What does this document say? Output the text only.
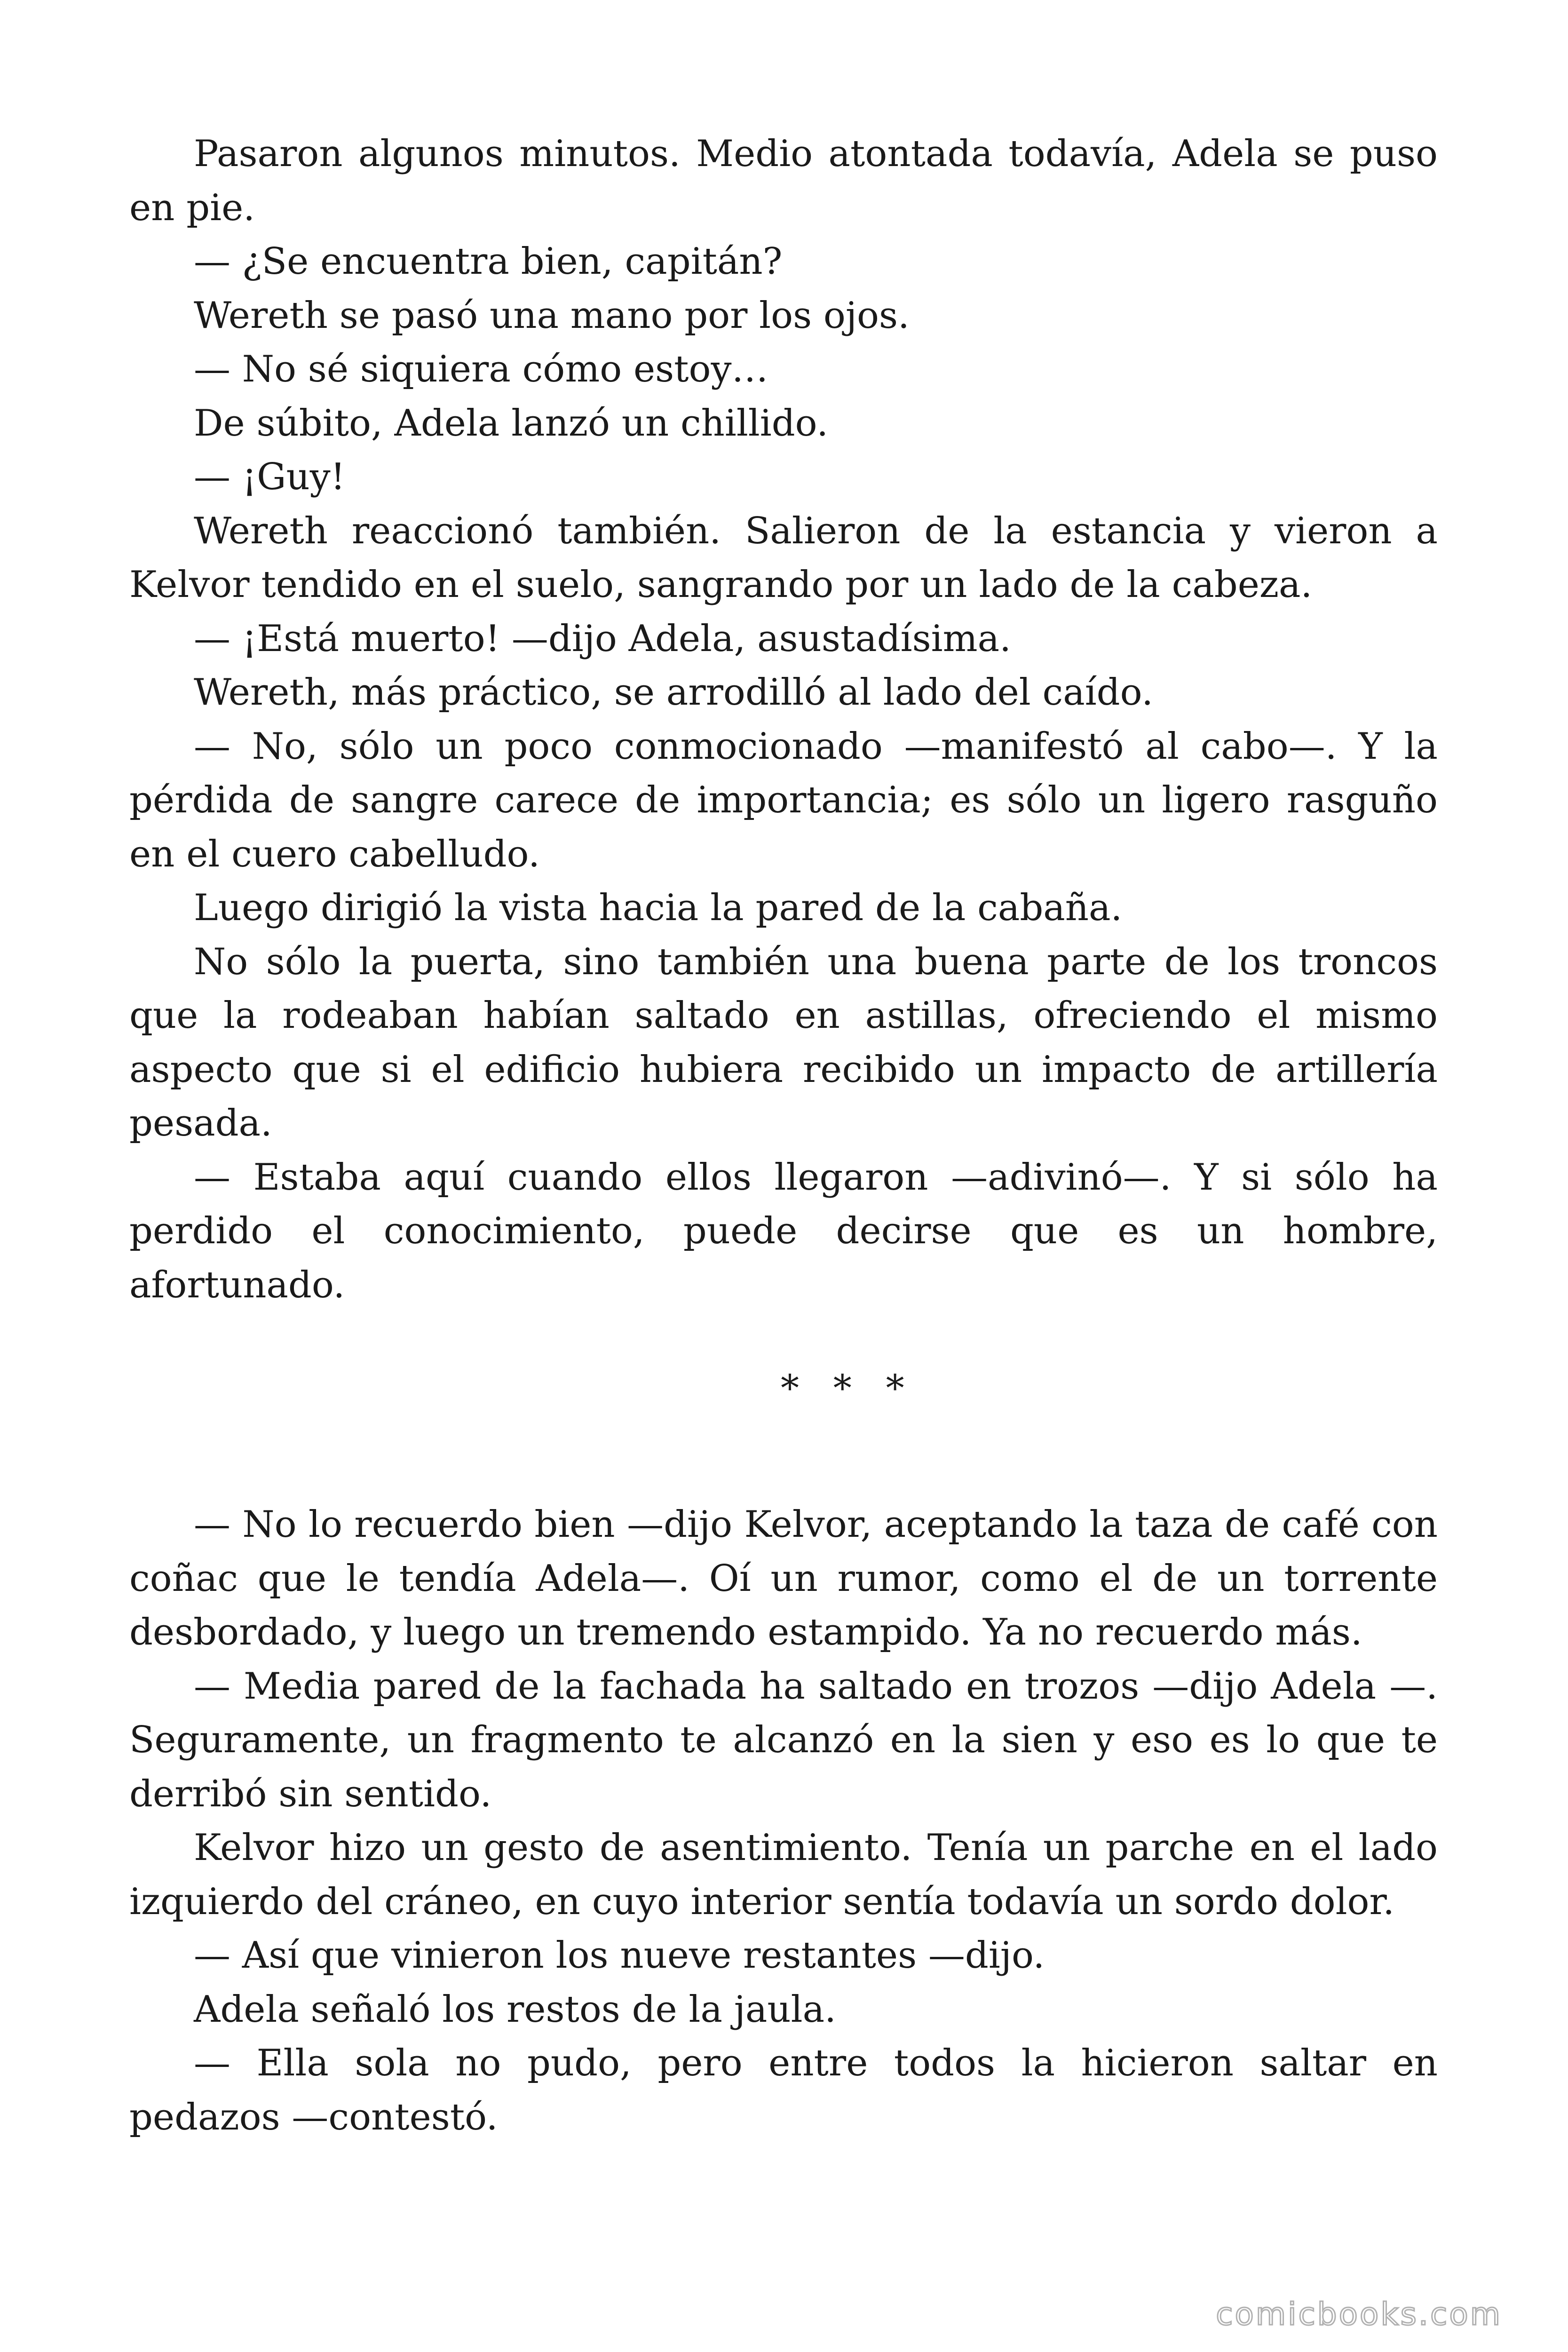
Pasaron algunos minutos. Medio atontada todavía, Adela se puso en pie.

— ¿Se encuentra bien, capitán?

Wereth se pasó una mano por los ojos.

— No sé siquiera cómo estoy…

De súbito, Adela lanzó un chillido.

— ¡Guy!

Wereth reaccionó también. Salieron de la estancia y vieron a Kelvor tendido en el suelo, sangrando por un lado de la cabeza.

— ¡Está muerto! —dijo Adela, asustadísima.

Wereth, más práctico, se arrodilló al lado del caído.

— No, sólo un poco conmocionado —manifestó al cabo—. Y la pérdida de sangre carece de importancia; es sólo un ligero rasguño en el cuero cabelludo.

Luego dirigió la vista hacia la pared de la cabaña.

No sólo la puerta, sino también una buena parte de los troncos que la rodeaban habían saltado en astillas, ofreciendo el mismo aspecto que si el edificio hubiera recibido un impacto de artillería pesada.

— Estaba aquí cuando ellos llegaron —adivinó—. Y si sólo ha perdido el conocimiento, puede decirse que es un hombre, afortunado.

* * *

— No lo recuerdo bien —dijo Kelvor, aceptando la taza de café con coñac que le tendía Adela—. Oí un rumor, como el de un torrente desbordado, y luego un tremendo estampido. Ya no recuerdo más.

— Media pared de la fachada ha saltado en trozos —dijo Adela —. Seguramente, un fragmento te alcanzó en la sien y eso es lo que te derribó sin sentido.

Kelvor hizo un gesto de asentimiento. Tenía un parche en el lado izquierdo del cráneo, en cuyo interior sentía todavía un sordo dolor.

— Así que vinieron los nueve restantes —dijo.

Adela señaló los restos de la jaula.

— Ella sola no pudo, pero entre todos la hicieron saltar en pedazos —contestó.

comicbooks.com
